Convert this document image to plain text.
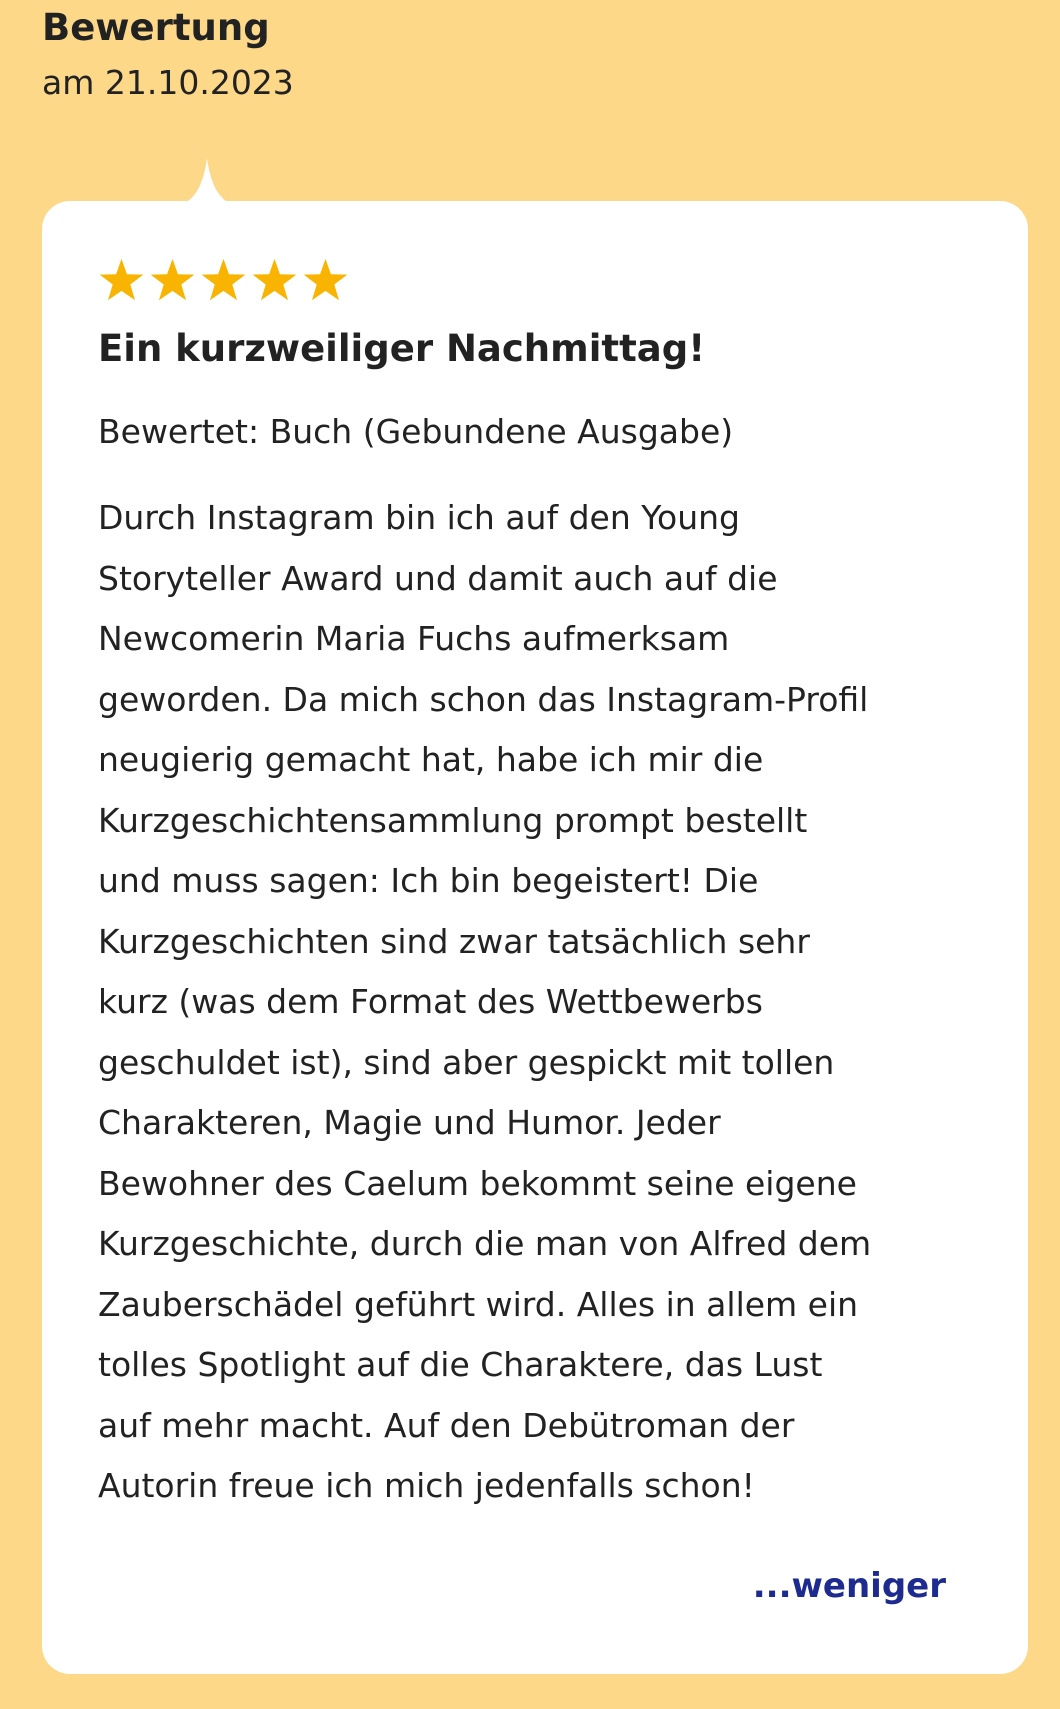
Bewertung
am 21.10.2023
Ein kurzweiliger Nachmittag!
Bewertet: Buch (Gebundene Ausgabe)
Durch Instagram bin ich auf den Young
Storyteller Award und damit auch auf die
Newcomerin Maria Fuchs aufmerksam
geworden. Da mich schon das Instagram-Profil
neugierig gemacht hat, habe ich mir die
Kurzgeschichtensammlung prompt bestellt
und muss sagen: Ich bin begeistert! Die
Kurzgeschichten sind zwar tatsächlich sehr
kurz (was dem Format des Wettbewerbs
geschuldet ist), sind aber gespickt mit tollen
Charakteren, Magie und Humor. Jeder
Bewohner des Caelum bekommt seine eigene
Kurzgeschichte, durch die man von Alfred dem
Zauberschädel geführt wird. Alles in allem ein
tolles Spotlight auf die Charaktere, das Lust
auf mehr macht. Auf den Debütroman der
Autorin freue ich mich jedenfalls schon!
...weniger
